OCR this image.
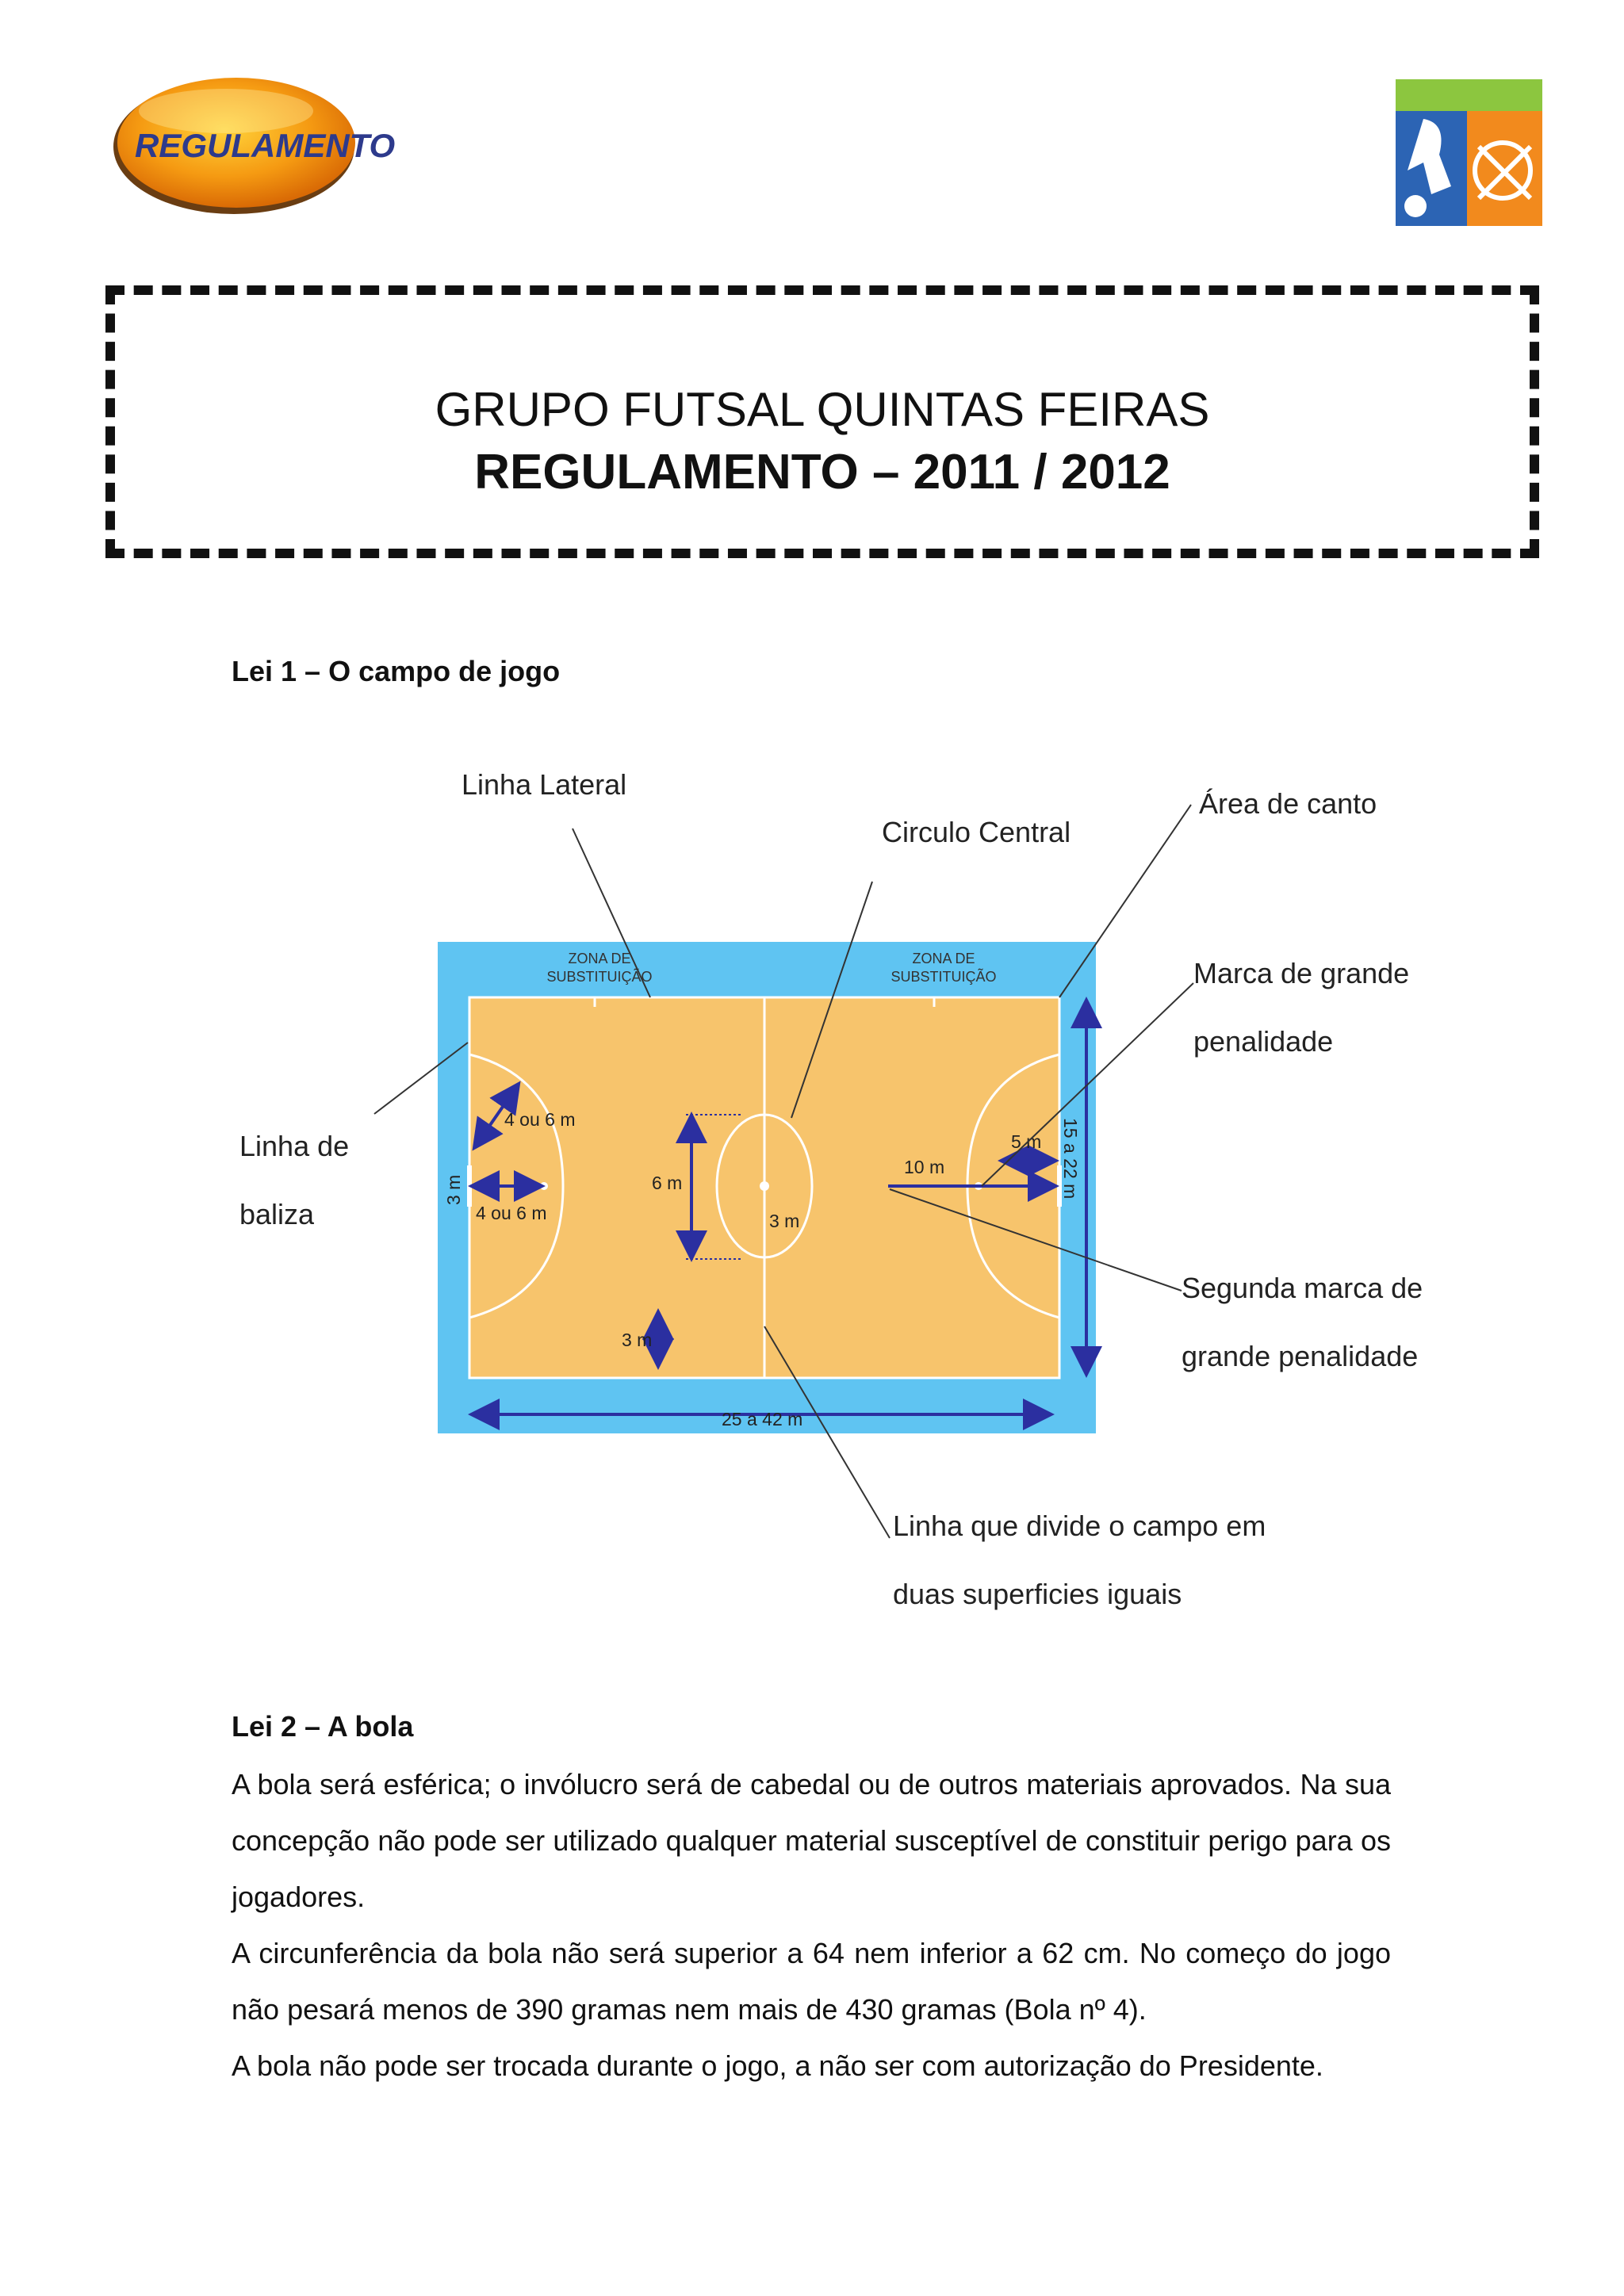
REGULAMENTO
GRUPO FUTSAL QUINTAS FEIRAS
REGULAMENTO – 2011 / 2012
Lei 1 – O campo de jogo
ZONA DE
SUBSTITUIÇÃO
ZONA DE
SUBSTITUIÇÃO
4 ou 6 m
4 ou 6 m
3 m	6 m
3 m
3 m
10 m
5 m 15 a 22 m
25 a 42 m
Linha Lateral
Circulo Central
Área de canto
Marca de grande
penalidade
Linha de
baliza
Segunda marca de
grande penalidade
Linha que divide o campo em
duas superficies iguais
Lei 2 – A bola

A bola será esférica; o invólucro será de cabedal ou de outros materiais aprovados. Na sua concepção não pode ser utilizado qualquer material susceptível de constituir perigo para os jogadores.

A circunferência da bola não será superior a 64 nem inferior a 62 cm. No começo do jogo não pesará menos de 390 gramas nem mais de 430 gramas (Bola nº 4).

A bola não pode ser trocada durante o jogo, a não ser com autorização do Presidente.
